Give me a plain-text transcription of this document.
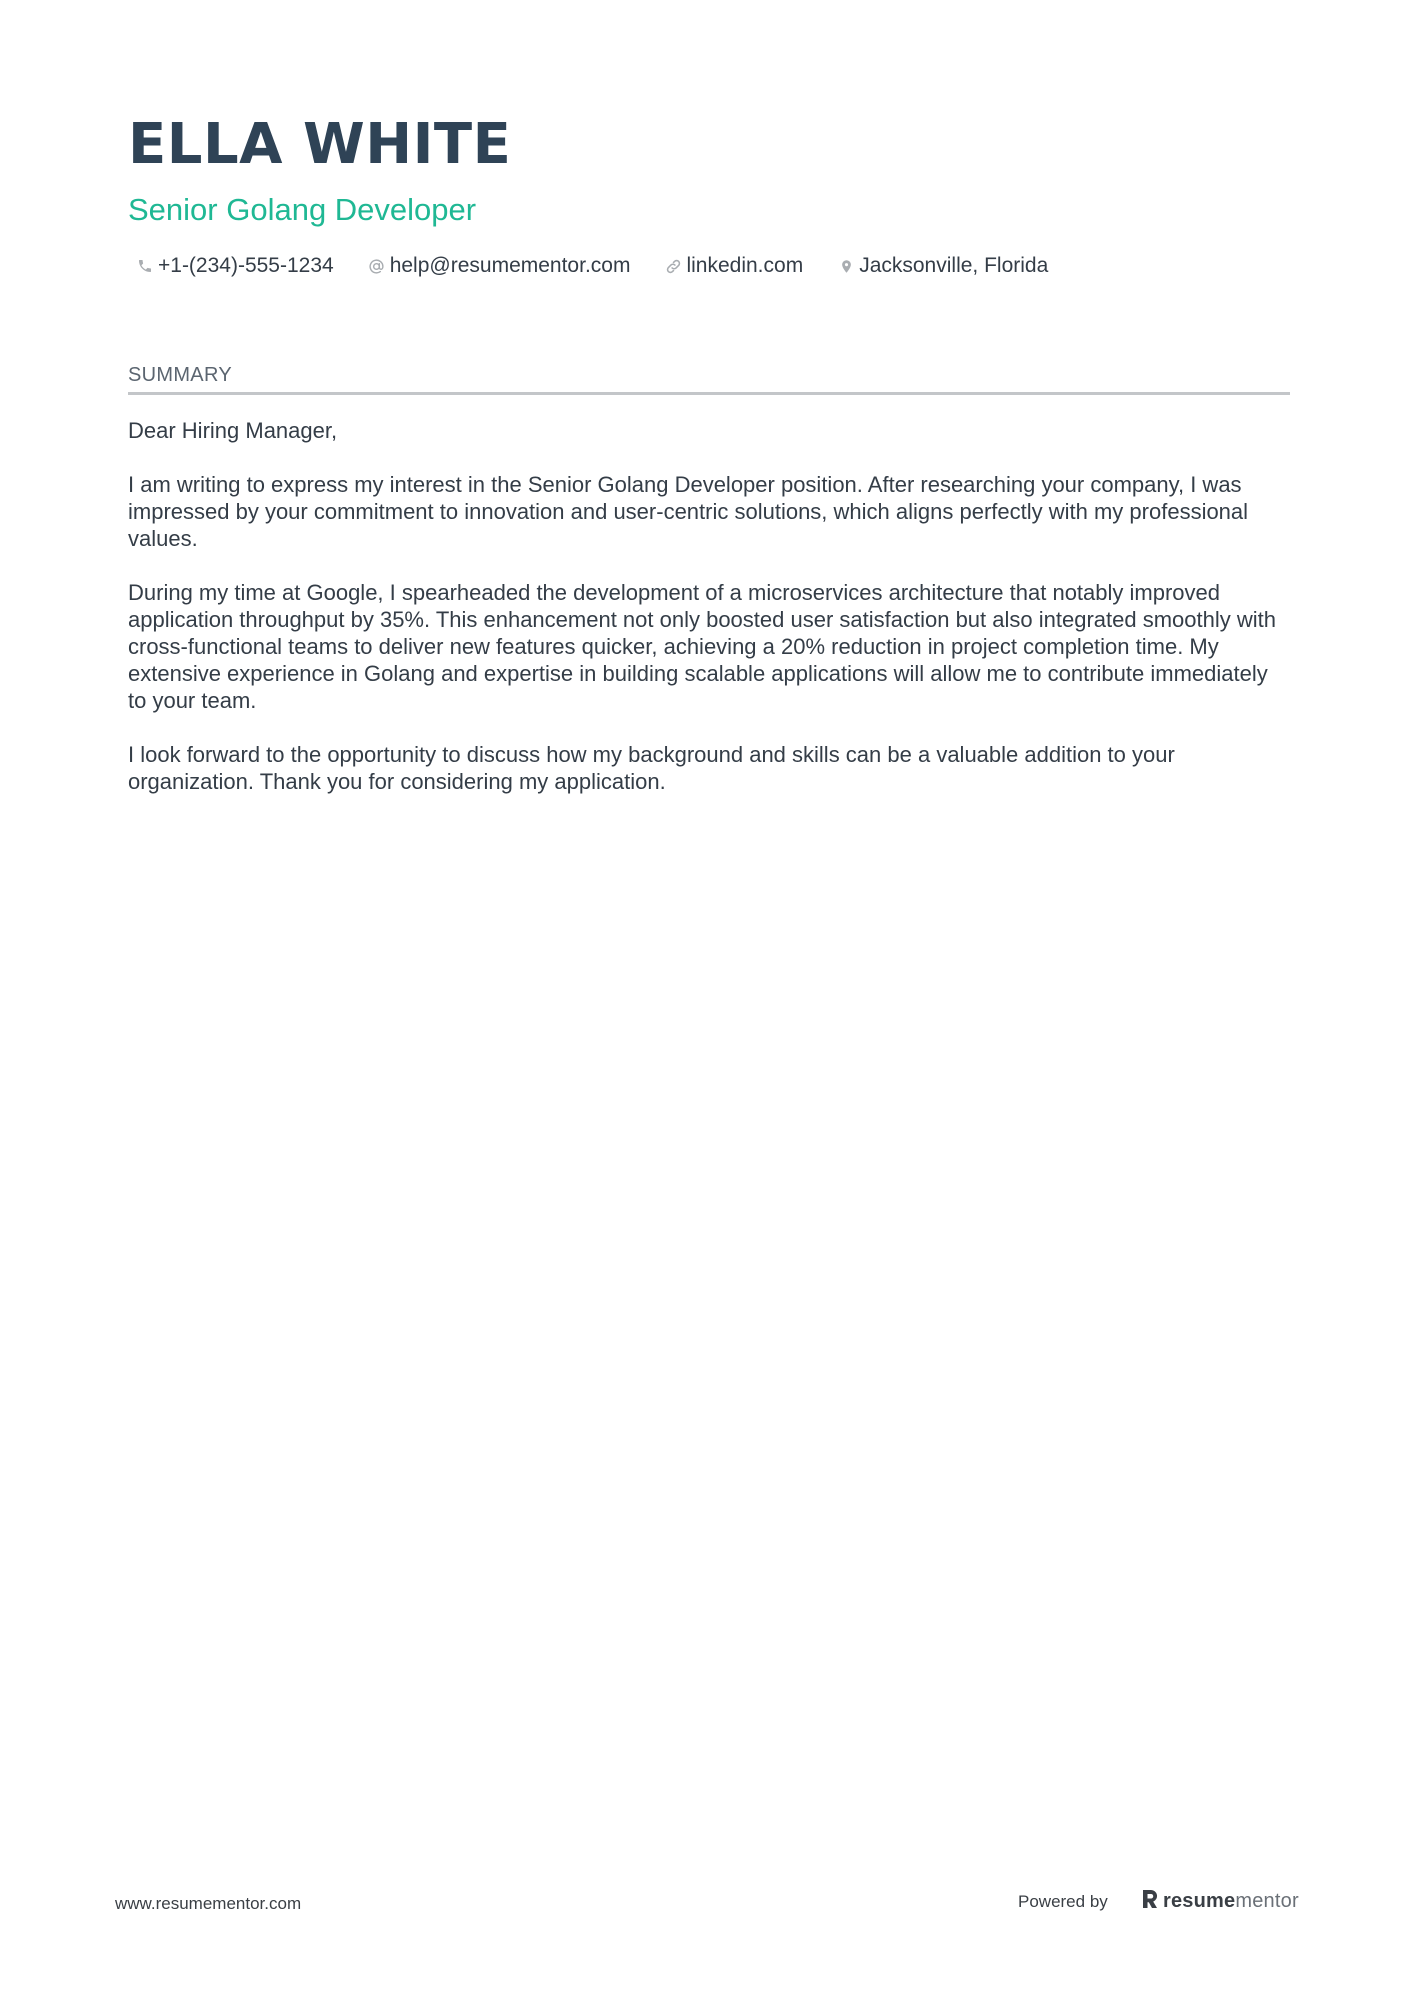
ELLA WHITE
Senior Golang Developer
+1-(234)-555-1234	help@resumementor.com	linkedin.com	Jacksonville, Florida
SUMMARY

Dear Hiring Manager,

I am writing to express my interest in the Senior Golang Developer position. After researching your company, I was impressed by your commitment to innovation and user-centric solutions, which aligns perfectly with my professional values.

During my time at Google, I spearheaded the development of a microservices architecture that notably improved application throughput by 35%. This enhancement not only boosted user satisfaction but also integrated smoothly with cross-functional teams to deliver new features quicker, achieving a 20% reduction in project completion time. My extensive experience in Golang and expertise in building scalable applications will allow me to contribute immediately to your team.

I look forward to the opportunity to discuss how my background and skills can be a valuable addition to your organization. Thank you for considering my application.

www.resumementor.com	Powered by	resumementor
